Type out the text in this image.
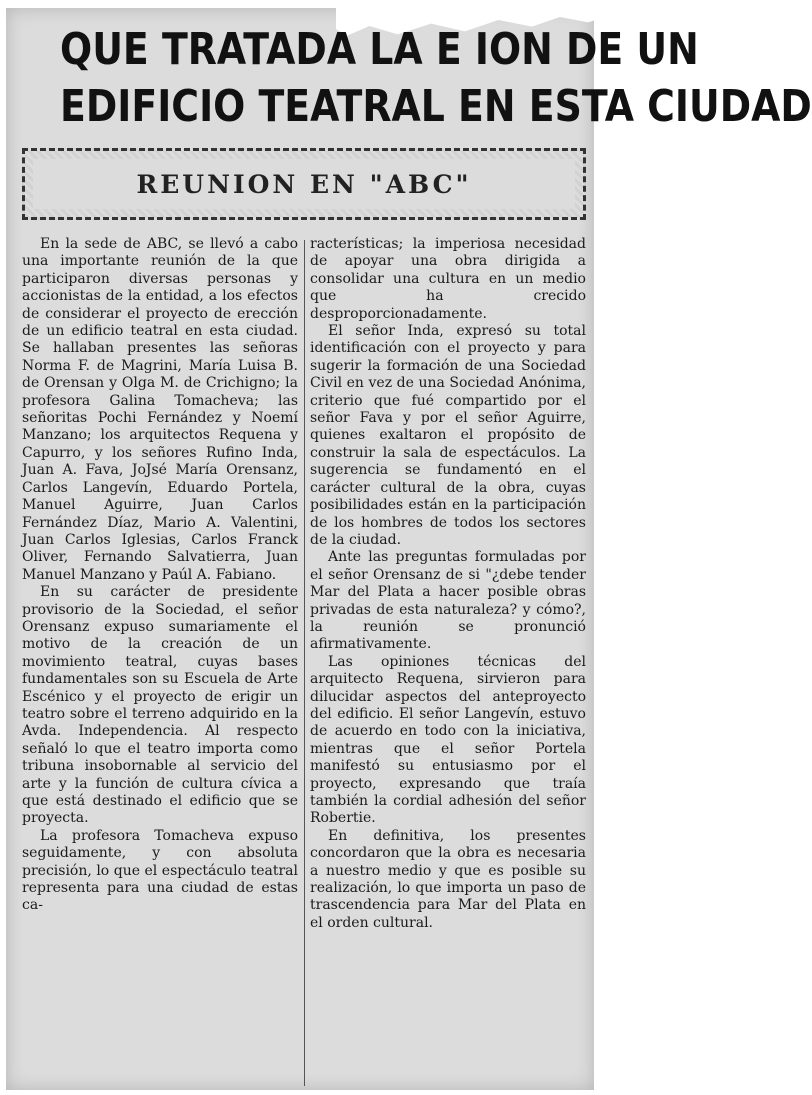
QUE TRATADA LA E ION DE UN
EDIFICIO TEATRAL EN ESTA CIUDAD
REUNION EN "ABC"

En la sede de ABC, se llevó a cabo una importante reunión de la que participaron diversas personas y accionistas de la entidad, a los efectos de considerar el proyecto de erección de un edificio teatral en esta ciudad. Se hallaban presentes las señoras Norma F. de Magrini, María Luisa B. de Orensan y Olga M. de Crichigno; la profesora Galina Tomacheva; las señoritas Pochi Fernández y Noemí Manzano; los arquitectos Requena y Capurro, y los señores Rufino Inda, Juan A. Fava, JoJsé María Orensanz, Carlos Langevín, Eduardo Portela, Manuel Aguirre, Juan Carlos Fernández Díaz, Mario A. Valentini, Juan Carlos Iglesias, Carlos Franck Oliver, Fernando Salvatierra, Juan Manuel Manzano y Paúl A. Fabiano.

En su carácter de presidente provisorio de la Sociedad, el señor Orensanz expuso sumariamente el motivo de la creación de un movimiento teatral, cuyas bases fundamentales son su Escuela de Arte Escénico y el proyecto de erigir un teatro sobre el terreno adquirido en la Avda. Independencia. Al respecto señaló lo que el teatro importa como tribuna insobornable al servicio del arte y la función de cultura cívica a que está destinado el edificio que se proyecta.

La profesora Tomacheva expuso seguidamente, y con absoluta precisión, lo que el espectáculo teatral representa para una ciudad de estas ca-

racterísticas; la imperiosa necesidad de apoyar una obra dirigida a consolidar una cultura en un medio que ha crecido desproporcionadamente.

El señor Inda, expresó su total identificación con el proyecto y para sugerir la formación de una Sociedad Civil en vez de una Sociedad Anónima, criterio que fué compartido por el señor Fava y por el señor Aguirre, quienes exaltaron el propósito de construir la sala de espectáculos. La sugerencia se fundamentó en el carácter cultural de la obra, cuyas posibilidades están en la participación de los hombres de todos los sectores de la ciudad.

Ante las preguntas formuladas por el señor Orensanz de si "¿debe tender Mar del Plata a hacer posible obras privadas de esta naturaleza? y cómo?, la reunión se pronunció afirmativamente.

Las opiniones técnicas del arquitecto Requena, sirvieron para dilucidar aspectos del anteproyecto del edificio. El señor Langevín, estuvo de acuerdo en todo con la iniciativa, mientras que el señor Portela manifestó su entusiasmo por el proyecto, expresando que traía también la cordial adhesión del señor Robertie.

En definitiva, los presentes concordaron que la obra es necesaria a nuestro medio y que es posible su realización, lo que importa un paso de trascendencia para Mar del Plata en el orden cultural.
